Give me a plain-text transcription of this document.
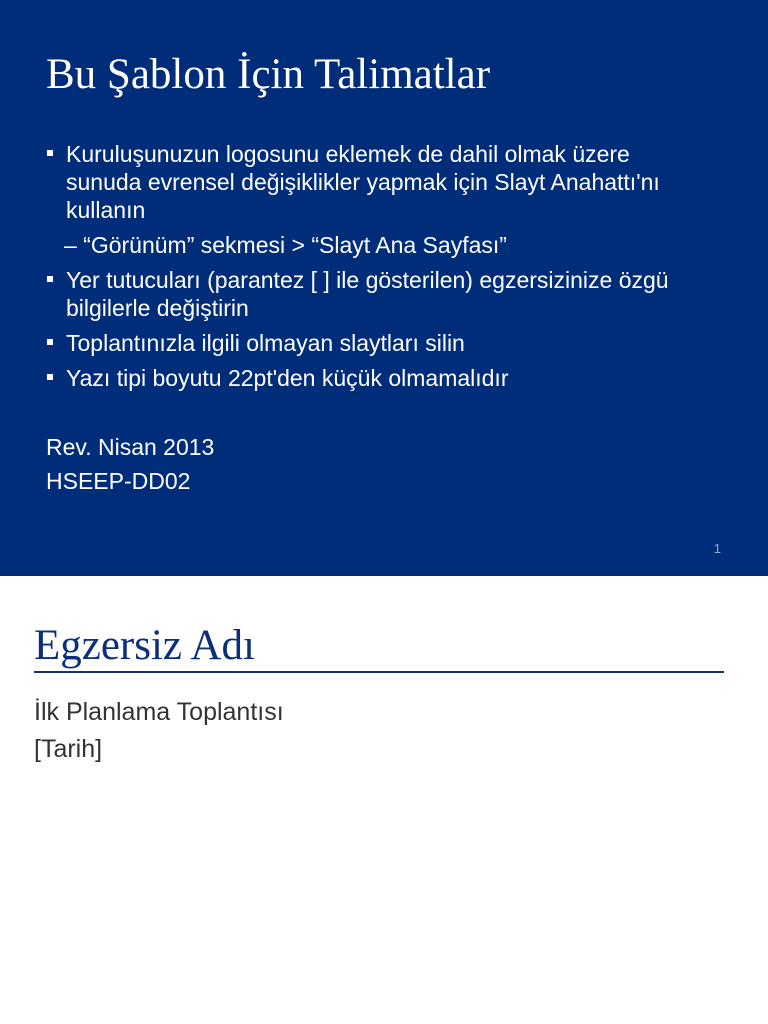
Bu Şablon İçin Talimatlar
Kuruluşunuzun logosunu eklemek de dahil olmak üzere sunuda evrensel değişiklikler yapmak için Slayt Anahattı'nı kullanın
– “Görünüm” sekmesi > “Slayt Ana Sayfası”
Yer tutucuları (parantez [ ] ile gösterilen) egzersizinize özgü bilgilerle değiştirin
Toplantınızla ilgili olmayan slaytları silin
Yazı tipi boyutu 22pt'den küçük olmamalıdır
Rev. Nisan 2013
HSEEP-DD02
1
Egzersiz Adı
İlk Planlama Toplantısı
[Tarih]
